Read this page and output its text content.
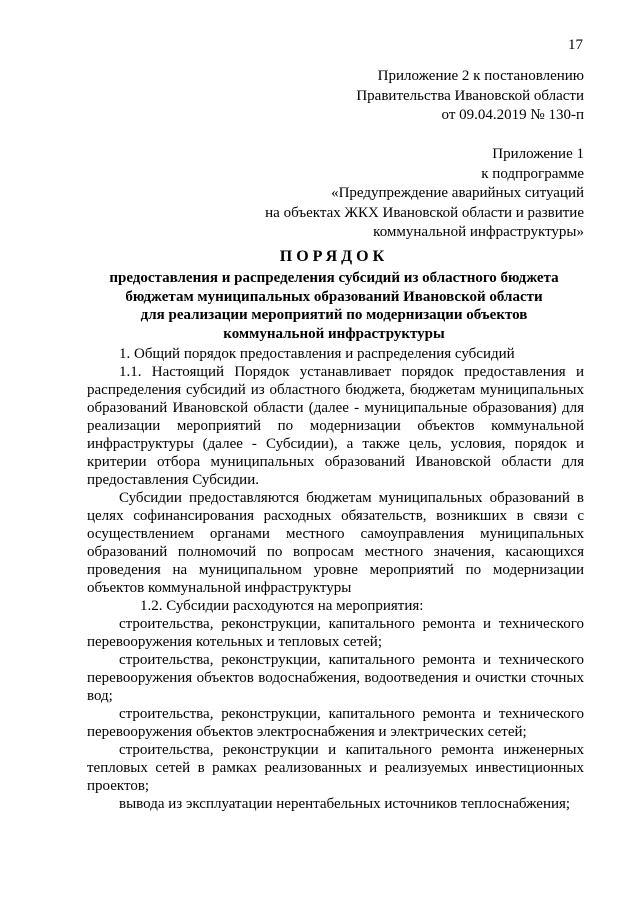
17
Приложение 2 к постановлению
Правительства Ивановской области
от 09.04.2019 № 130-п
Приложение 1
к подпрограмме
«Предупреждение аварийных ситуаций
на объектах ЖКХ Ивановской области и развитие
коммунальной инфраструктуры»
ПОРЯДОК
предоставления и распределения субсидий из областного бюджета
бюджетам муниципальных образований Ивановской области
для реализации мероприятий по модернизации объектов
коммунальной инфраструктуры

1. Общий порядок предоставления и распределения субсидий

1.1. Настоящий Порядок устанавливает порядок предоставления и распределения субсидий из областного бюджета, бюджетам муниципальных образований Ивановской области (далее - муниципальные образования) для реализации мероприятий по модернизации объектов коммунальной инфраструктуры (далее - Субсидии), а также цель, условия, порядок и критерии отбора муниципальных образований Ивановской области для предоставления Субсидии.

Субсидии предоставляются бюджетам муниципальных образований в целях софинансирования расходных обязательств, возникших в связи с осуществлением органами местного самоуправления муниципальных образований полномочий по вопросам местного значения, касающихся проведения на муниципальном уровне мероприятий по модернизации объектов коммунальной инфраструктуры

1.2. Субсидии расходуются на мероприятия:

строительства, реконструкции, капитального ремонта и технического перевооружения котельных и тепловых сетей;

строительства, реконструкции, капитального ремонта и технического перевооружения объектов водоснабжения, водоотведения и очистки сточных вод;

строительства, реконструкции, капитального ремонта и технического перевооружения объектов электроснабжения и электрических сетей;

строительства, реконструкции и капитального ремонта инженерных тепловых сетей в рамках реализованных и реализуемых инвестиционных проектов;

вывода из эксплуатации нерентабельных источников теплоснабжения;
